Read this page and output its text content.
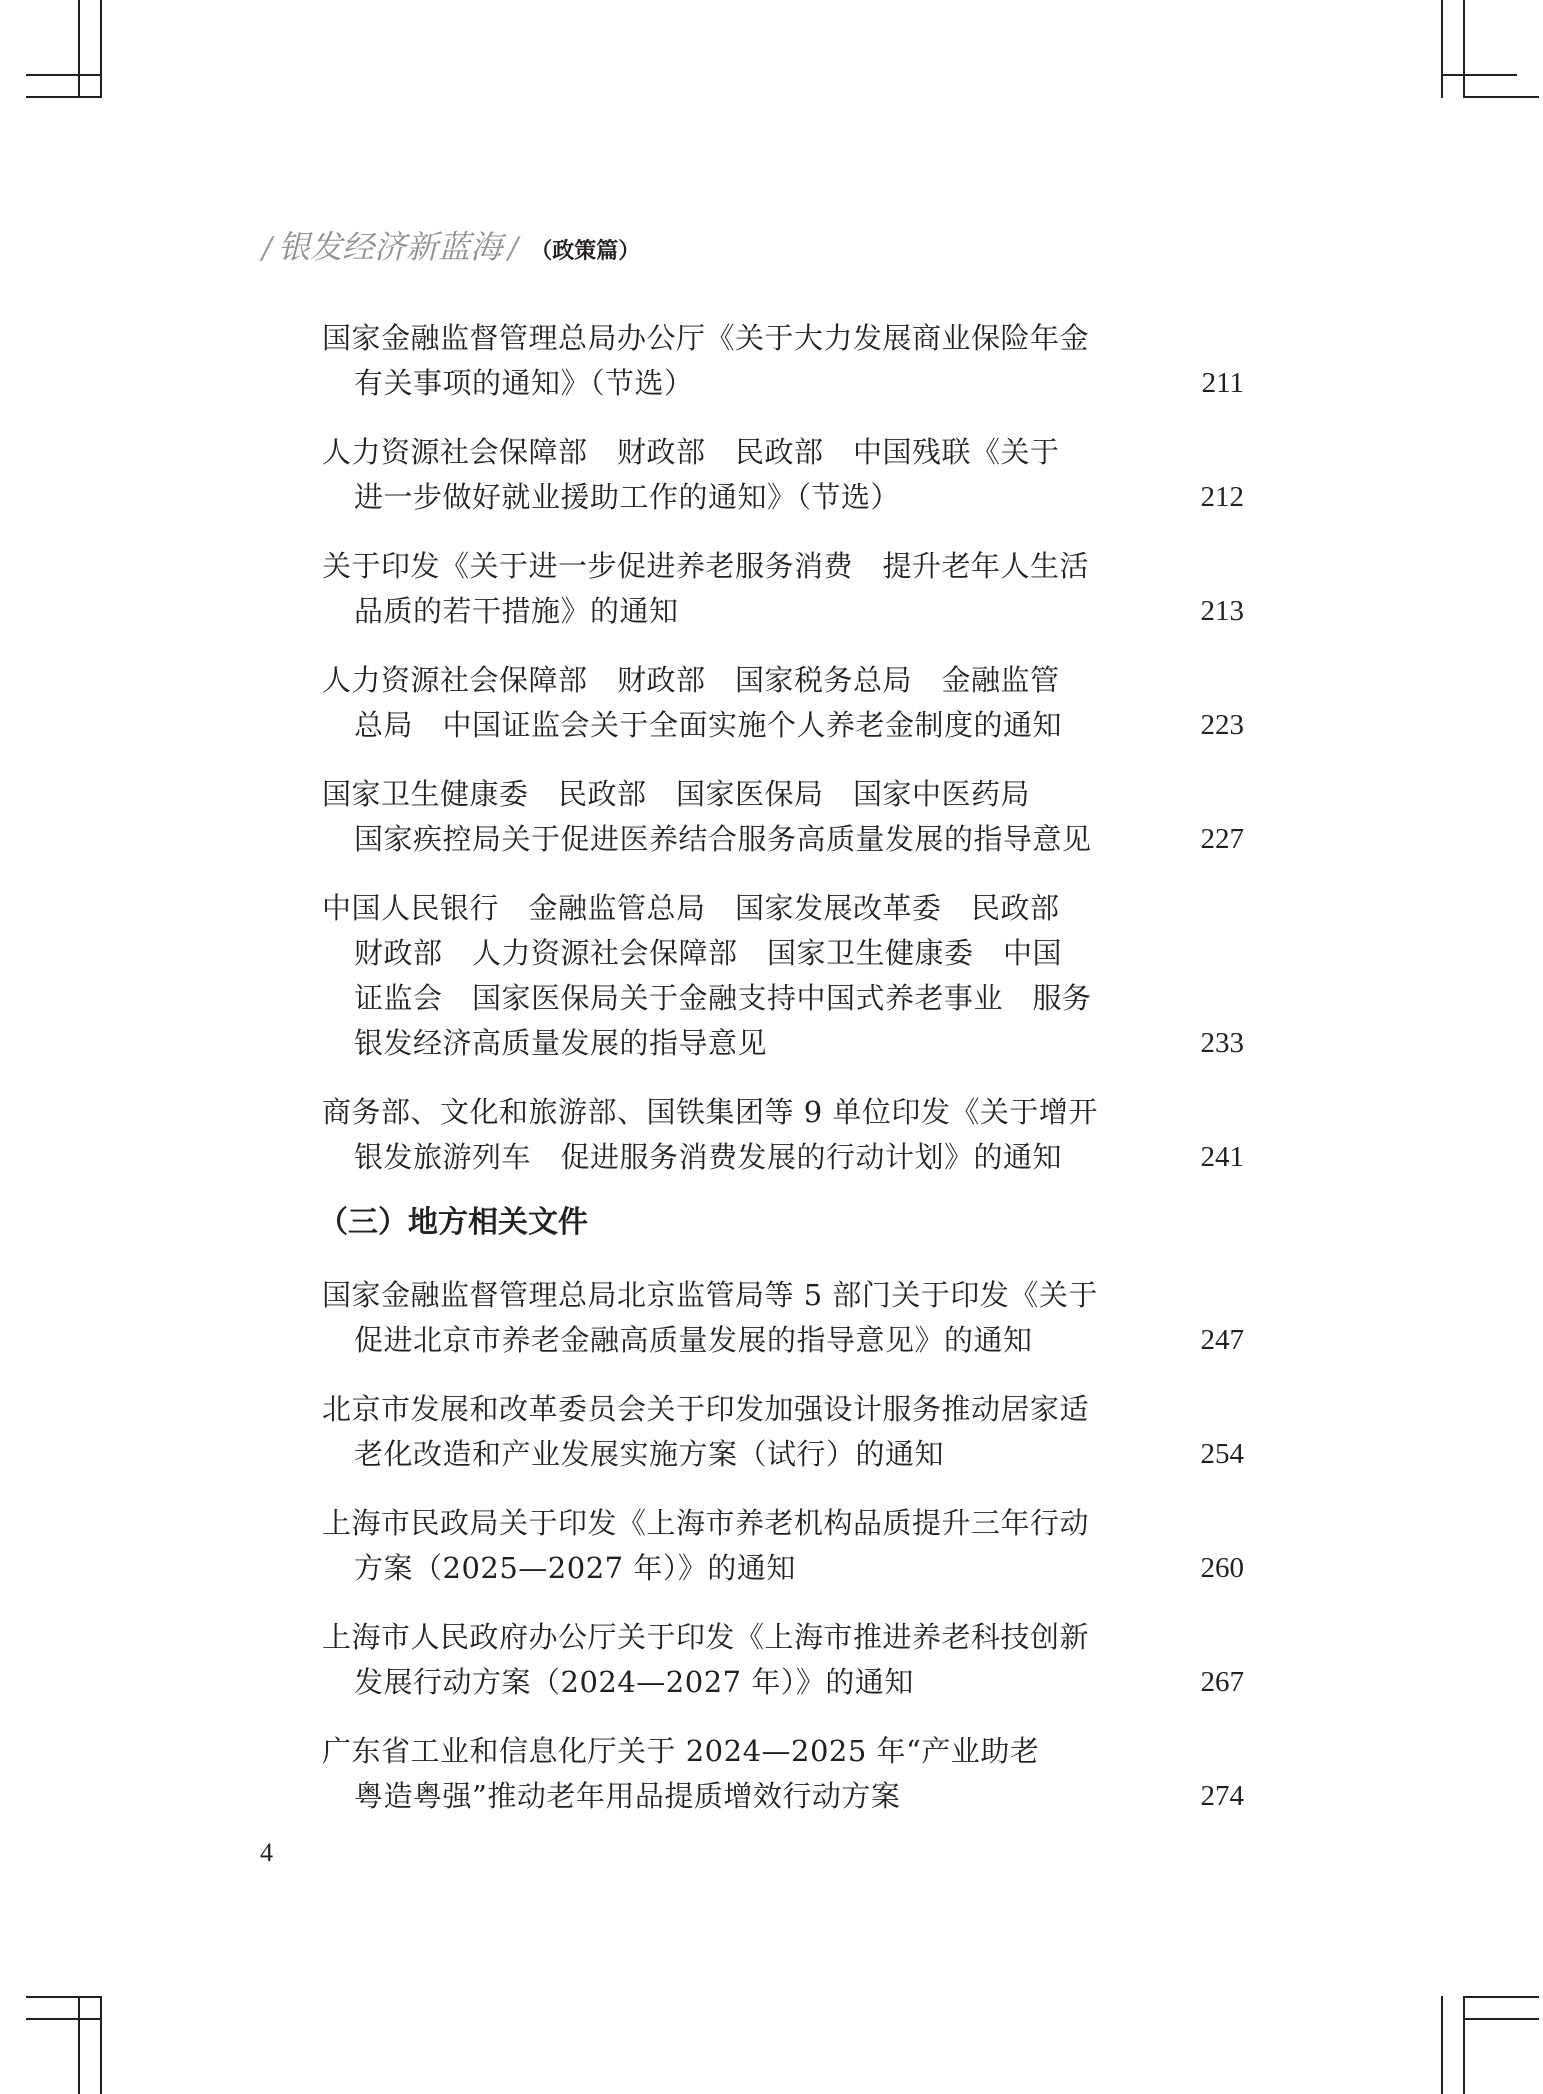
/ 银发经济新蓝海 / （政策篇）
国家金融监督管理总局办公厅《关于大力发展商业保险年金
有关事项的通知》（节选）	211
人力资源社会保障部　财政部　民政部　中国残联《关于
进一步做好就业援助工作的通知》（节选）	212
关于印发《关于进一步促进养老服务消费　提升老年人生活
品质的若干措施》的通知	213
人力资源社会保障部　财政部　国家税务总局　金融监管
总局　中国证监会关于全面实施个人养老金制度的通知	223
国家卫生健康委　民政部　国家医保局　国家中医药局
国家疾控局关于促进医养结合服务高质量发展的指导意见	227
中国人民银行　金融监管总局　国家发展改革委　民政部
财政部　人力资源社会保障部　国家卫生健康委　中国
证监会　国家医保局关于金融支持中国式养老事业　服务
银发经济高质量发展的指导意见	233
商务部、文化和旅游部、国铁集团等 9 单位印发《关于增开
银发旅游列车　促进服务消费发展的行动计划》的通知	241
（三）地方相关文件
国家金融监督管理总局北京监管局等 5 部门关于印发《关于
促进北京市养老金融高质量发展的指导意见》的通知	247
北京市发展和改革委员会关于印发加强设计服务推动居家适
老化改造和产业发展实施方案（试行）的通知	254
上海市民政局关于印发《上海市养老机构品质提升三年行动
方案（2025—2027 年）》的通知	260
上海市人民政府办公厅关于印发《上海市推进养老科技创新
发展行动方案（2024—2027 年）》的通知	267
广东省工业和信息化厅关于 2024—2025 年“产业助老
粤造粤强”推动老年用品提质增效行动方案	274
4
